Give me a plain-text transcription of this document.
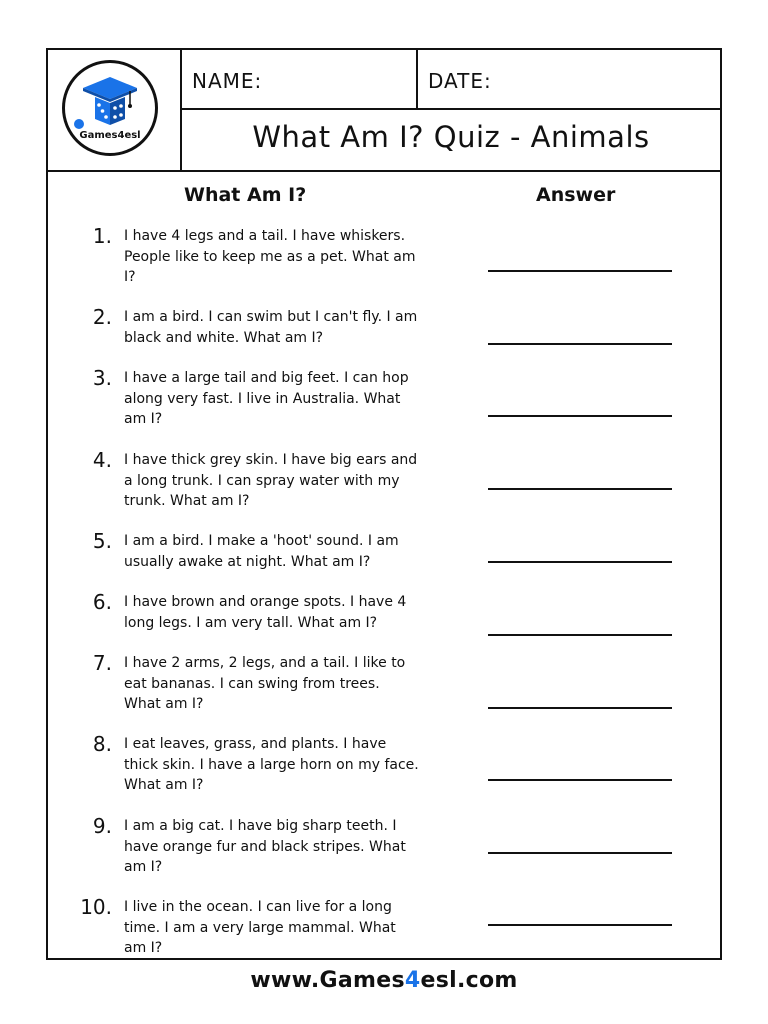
Games4esl
NAME:	DATE:
What Am I? Quiz - Animals
What Am I?	Answer
1. I have 4 legs and a tail. I have whiskers. People like to keep me as a pet. What am I?
2. I am a bird. I can swim but I can't fly. I am black and white. What am I?
3. I have a large tail and big feet. I can hop along very fast. I live in Australia. What am I?
4. I have thick grey skin. I have big ears and a long trunk. I can spray water with my trunk. What am I?
5. I am a bird. I make a 'hoot' sound. I am usually awake at night. What am I?
6. I have brown and orange spots. I have 4 long legs. I am very tall. What am I?
7. I have 2 arms, 2 legs, and a tail. I like to eat bananas. I can swing from trees. What am I?
8. I eat leaves, grass, and plants. I have thick skin. I have a large horn on my face. What am I?
9. I am a big cat. I have big sharp teeth. I have orange fur and black stripes. What am I?
10. I live in the ocean. I can live for a long time. I am a very large mammal. What am I?
www.Games4esl.com
